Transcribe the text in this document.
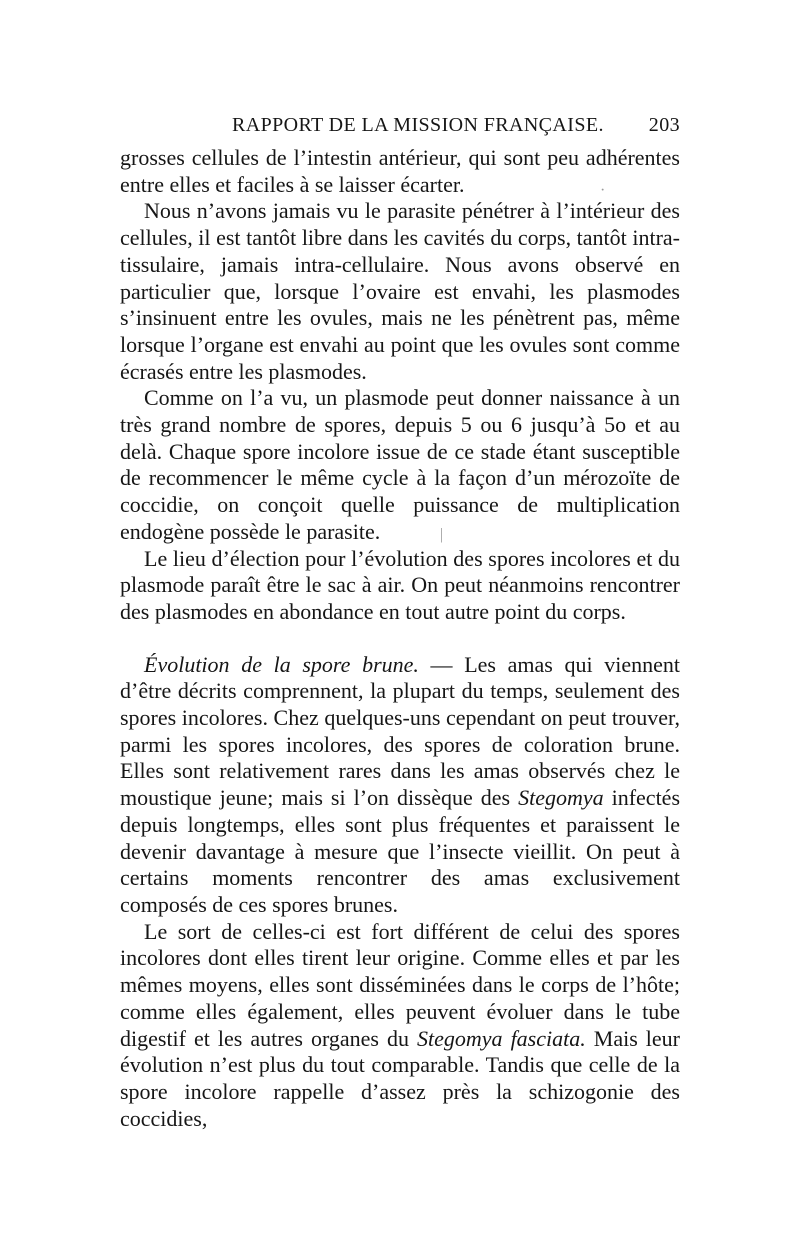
RAPPORT DE LA MISSION FRANÇAISE. 203

grosses cellules de l’intestin antérieur, qui sont peu adhérentes entre elles et faciles à se laisser écarter.

Nous n’avons jamais vu le parasite pénétrer à l’intérieur des cellules, il est tantôt libre dans les cavités du corps, tantôt intra-tissulaire, jamais intra-cellulaire. Nous avons observé en particulier que, lorsque l’ovaire est envahi, les plasmodes s’insinuent entre les ovules, mais ne les pénètrent pas, même lorsque l’organe est envahi au point que les ovules sont comme écrasés entre les plasmodes.

Comme on l’a vu, un plasmode peut donner naissance à un très grand nombre de spores, depuis 5 ou 6 jusqu’à 5o et au delà. Chaque spore incolore issue de ce stade étant susceptible de recommencer le même cycle à la façon d’un mérozoïte de coccidie, on conçoit quelle puissance de multiplication endogène possède le parasite.

Le lieu d’élection pour l’évolution des spores incolores et du plasmode paraît être le sac à air. On peut néanmoins rencontrer des plasmodes en abondance en tout autre point du corps.

Évolution de la spore brune. — Les amas qui viennent d’être décrits comprennent, la plupart du temps, seulement des spores incolores. Chez quelques-uns cependant on peut trouver, parmi les spores incolores, des spores de coloration brune. Elles sont relativement rares dans les amas observés chez le moustique jeune; mais si l’on dissèque des Stegomya infectés depuis longtemps, elles sont plus fréquentes et paraissent le devenir davantage à mesure que l’insecte vieillit. On peut à certains moments rencontrer des amas exclusivement composés de ces spores brunes.

Le sort de celles-ci est fort différent de celui des spores incolores dont elles tirent leur origine. Comme elles et par les mêmes moyens, elles sont disséminées dans le corps de l’hôte; comme elles également, elles peuvent évoluer dans le tube digestif et les autres organes du Stegomya fasciata. Mais leur évolution n’est plus du tout comparable. Tandis que celle de la spore incolore rappelle d’assez près la schizogonie des coccidies,

·
|
